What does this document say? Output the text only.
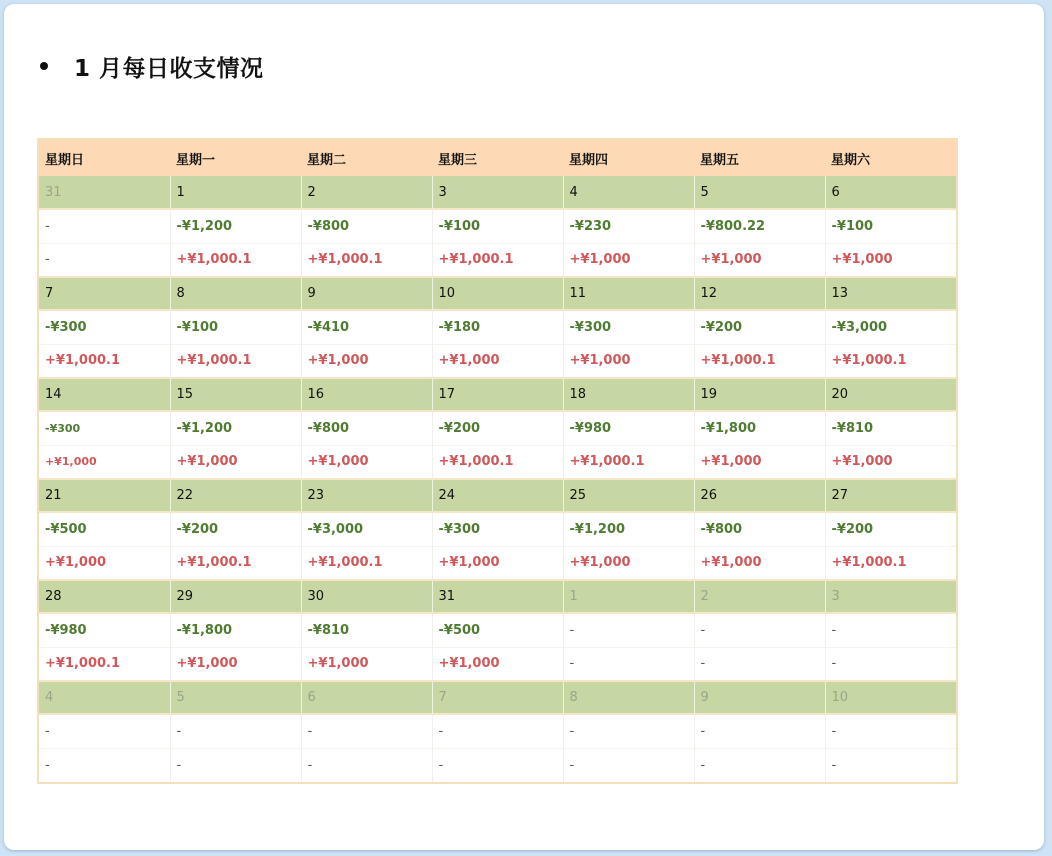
1 月每日收支情况
星期日	星期一	星期二	星期三	星期四	星期五	星期六
31	1	2	3	4	5	6
-	-¥1,200	-¥800	-¥100	-¥230	-¥800.22	-¥100
-	+¥1,000.1	+¥1,000.1	+¥1,000.1	+¥1,000	+¥1,000	+¥1,000
7	8	9	10	11	12	13
-¥300	-¥100	-¥410	-¥180	-¥300	-¥200	-¥3,000
+¥1,000.1	+¥1,000.1	+¥1,000	+¥1,000	+¥1,000	+¥1,000.1	+¥1,000.1
14	15	16	17	18	19	20
-¥300	-¥1,200	-¥800	-¥200	-¥980	-¥1,800	-¥810
+¥1,000	+¥1,000	+¥1,000	+¥1,000.1	+¥1,000.1	+¥1,000	+¥1,000
21	22	23	24	25	26	27
-¥500	-¥200	-¥3,000	-¥300	-¥1,200	-¥800	-¥200
+¥1,000	+¥1,000.1	+¥1,000.1	+¥1,000	+¥1,000	+¥1,000	+¥1,000.1
28	29	30	31	1	2	3
-¥980	-¥1,800	-¥810	-¥500	-	-	-
+¥1,000.1	+¥1,000	+¥1,000	+¥1,000	-	-	-
4	5	6	7	8	9	10
-	-	-	-	-	-	-
-	-	-	-	-	-	-
